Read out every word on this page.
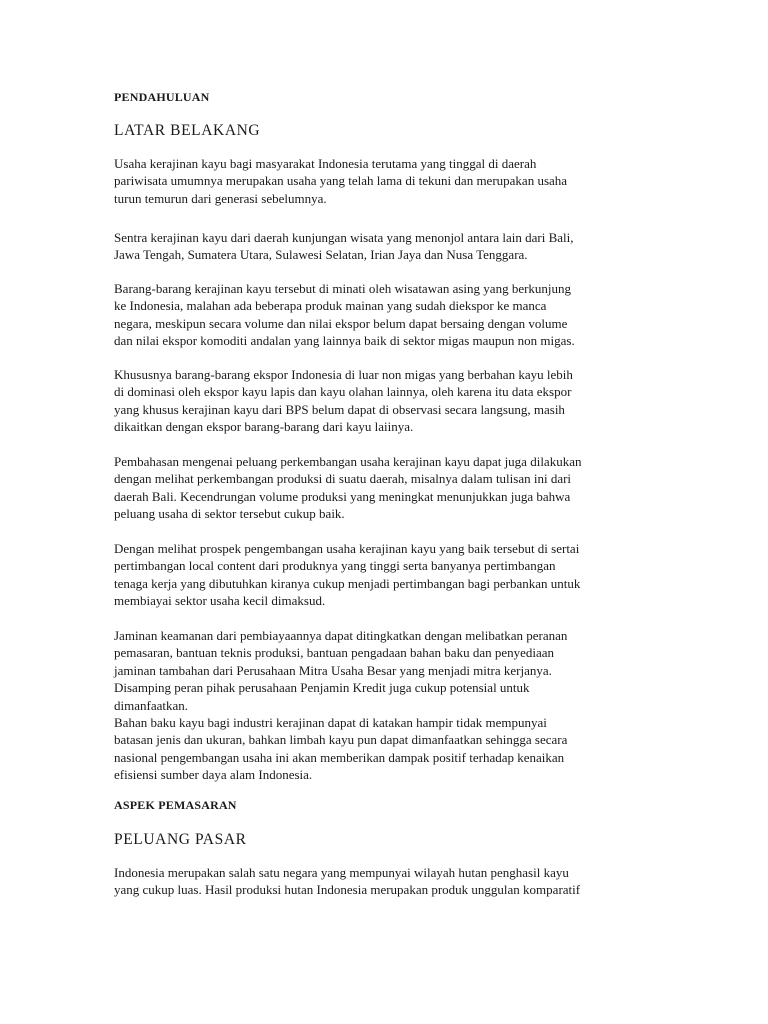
PENDAHULUAN

LATAR BELAKANG

Usaha kerajinan kayu bagi masyarakat Indonesia terutama yang tinggal di daerah
pariwisata umumnya merupakan usaha yang telah lama di tekuni dan merupakan usaha
turun temurun dari generasi sebelumnya.

Sentra kerajinan kayu dari daerah kunjungan wisata yang menonjol antara lain dari Bali,
Jawa Tengah, Sumatera Utara, Sulawesi Selatan, Irian Jaya dan Nusa Tenggara.

Barang-barang kerajinan kayu tersebut di minati oleh wisatawan asing yang berkunjung
ke Indonesia, malahan ada beberapa produk mainan yang sudah diekspor ke manca
negara, meskipun secara volume dan nilai ekspor belum dapat bersaing dengan volume
dan nilai ekspor komoditi andalan yang lainnya baik di sektor migas maupun non migas.

Khususnya barang-barang ekspor Indonesia di luar non migas yang berbahan kayu lebih
di dominasi oleh ekspor kayu lapis dan kayu olahan lainnya, oleh karena itu data ekspor
yang khusus kerajinan kayu dari BPS belum dapat di observasi secara langsung, masih
dikaitkan dengan ekspor barang-barang dari kayu laiinya.

Pembahasan mengenai peluang perkembangan usaha kerajinan kayu dapat juga dilakukan
dengan melihat perkembangan produksi di suatu daerah, misalnya dalam tulisan ini dari
daerah Bali. Kecendrungan volume produksi yang meningkat menunjukkan juga bahwa
peluang usaha di sektor tersebut cukup baik.

Dengan melihat prospek pengembangan usaha kerajinan kayu yang baik tersebut di sertai
pertimbangan local content dari produknya yang tinggi serta banyanya pertimbangan
tenaga kerja yang dibutuhkan kiranya cukup menjadi pertimbangan bagi perbankan untuk
membiayai sektor usaha kecil dimaksud.

Jaminan keamanan dari pembiayaannya dapat ditingkatkan dengan melibatkan peranan
pemasaran, bantuan teknis produksi, bantuan pengadaan bahan baku dan penyediaan
jaminan tambahan dari Perusahaan Mitra Usaha Besar yang menjadi mitra kerjanya.
Disamping peran pihak perusahaan Penjamin Kredit juga cukup potensial untuk
dimanfaatkan.
Bahan baku kayu bagi industri kerajinan dapat di katakan hampir tidak mempunyai
batasan jenis dan ukuran, bahkan limbah kayu pun dapat dimanfaatkan sehingga secara
nasional pengembangan usaha ini akan memberikan dampak positif terhadap kenaikan
efisiensi sumber daya alam Indonesia.

ASPEK PEMASARAN

PELUANG PASAR

Indonesia merupakan salah satu negara yang mempunyai wilayah hutan penghasil kayu
yang cukup luas. Hasil produksi hutan Indonesia merupakan produk unggulan komparatif
